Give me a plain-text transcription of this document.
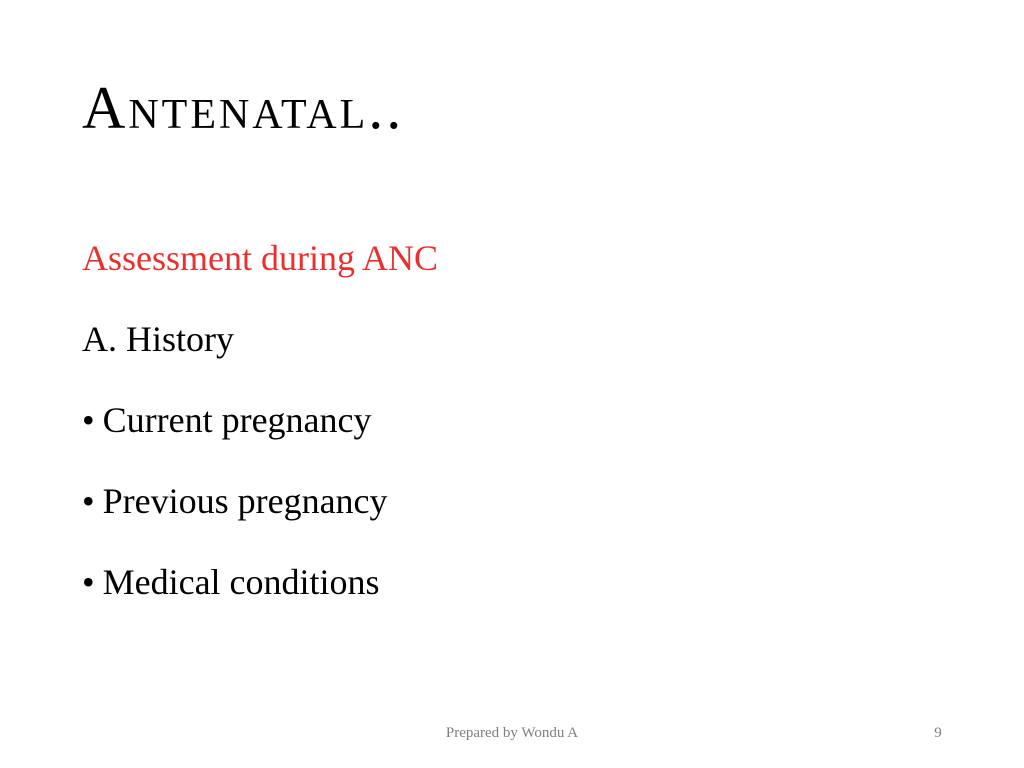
Antenatal..
Assessment during ANC
A. History
• Current pregnancy
• Previous pregnancy
• Medical conditions
Prepared by Wondu A	9
